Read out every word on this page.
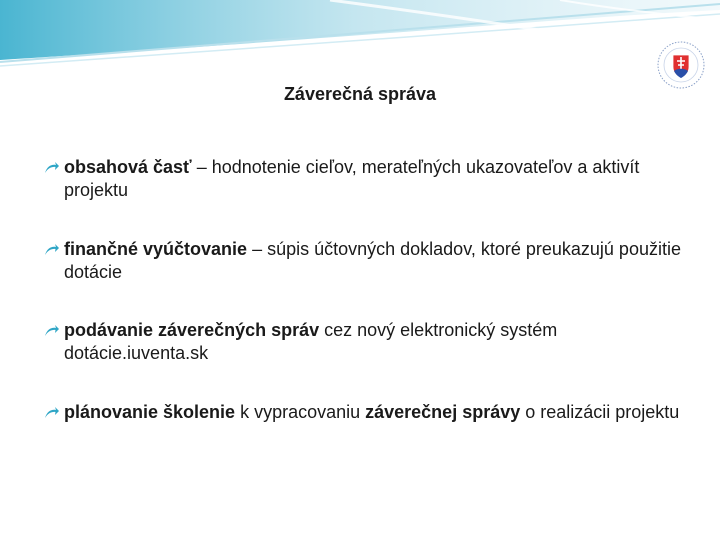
Záverečná správa
obsahová časť – hodnotenie cieľov, merateľných ukazovateľov a aktivít projektu
finančné vyúčtovanie – súpis účtovných dokladov, ktoré preukazujú použitie dotácie
podávanie záverečných správ cez nový elektronický systém dotácie.iuventa.sk
plánovanie školenie k vypracovaniu záverečnej správy o realizácii projektu
